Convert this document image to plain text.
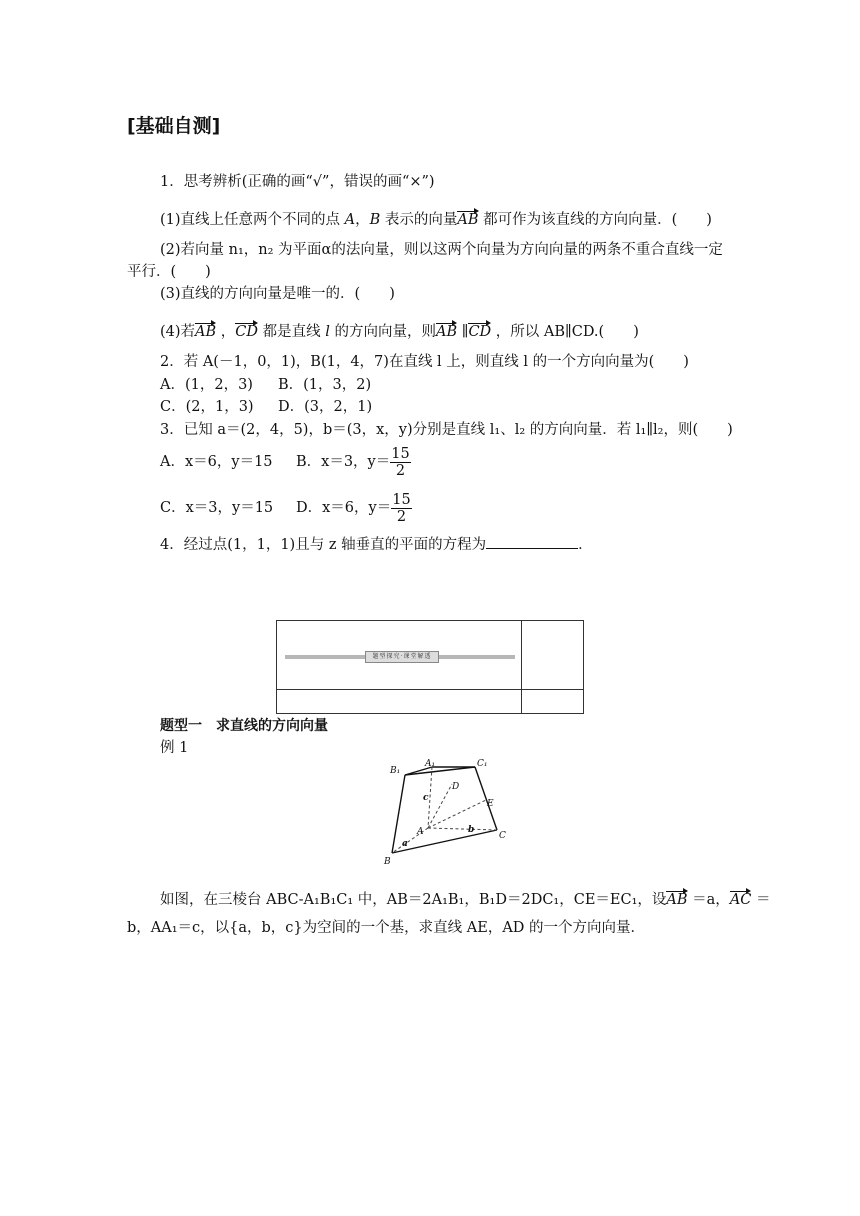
[基础自测]
1．思考辨析(正确的画“√”，错误的画“×”)
(1)直线上任意两个不同的点 A，B 表示的向量AB 都可作为该直线的方向向量．(　　)
(2)若向量 n₁，n₂ 为平面α的法向量，则以这两个向量为方向向量的两条不重合直线一定
平行．(　　)
(3)直线的方向向量是唯一的．(　　)
(4)若AB ，CD 都是直线 l 的方向向量，则AB ∥CD ，所以 AB∥CD.(　　)
2．若 A(－1，0，1)，B(1，4，7)在直线 l 上，则直线 l 的一个方向向量为(　　)
A．(1，2，3) B．(1，3，2)
C．(2，1，3) D．(3，2，1)
3．已知 a＝(2，4，5)，b＝(3，x，y)分别是直线 l₁、l₂ 的方向向量．若 l₁∥l₂，则(　　)
A．x＝6，y＝15 B．x＝3，$y= \frac{15}{2}$
C．x＝3，y＝15 D．x＝6，$y= \frac{15}{2}$
4．经过点(1，1，1)且与 z 轴垂直的平面的方程为	．
题型探究·课堂解透
题型一　求直线的方向向量
例 1
A₁	C₁
B₁
D
c
E
A	b
a
C
B
如图，在三棱台 ABC-A₁B₁C₁ 中，AB＝2A₁B₁，B₁D＝2DC₁，CE＝EC₁，设AB ＝a，AC ＝
b，AA₁＝c，以{a，b，c}为空间的一个基，求直线 AE，AD 的一个方向向量．
